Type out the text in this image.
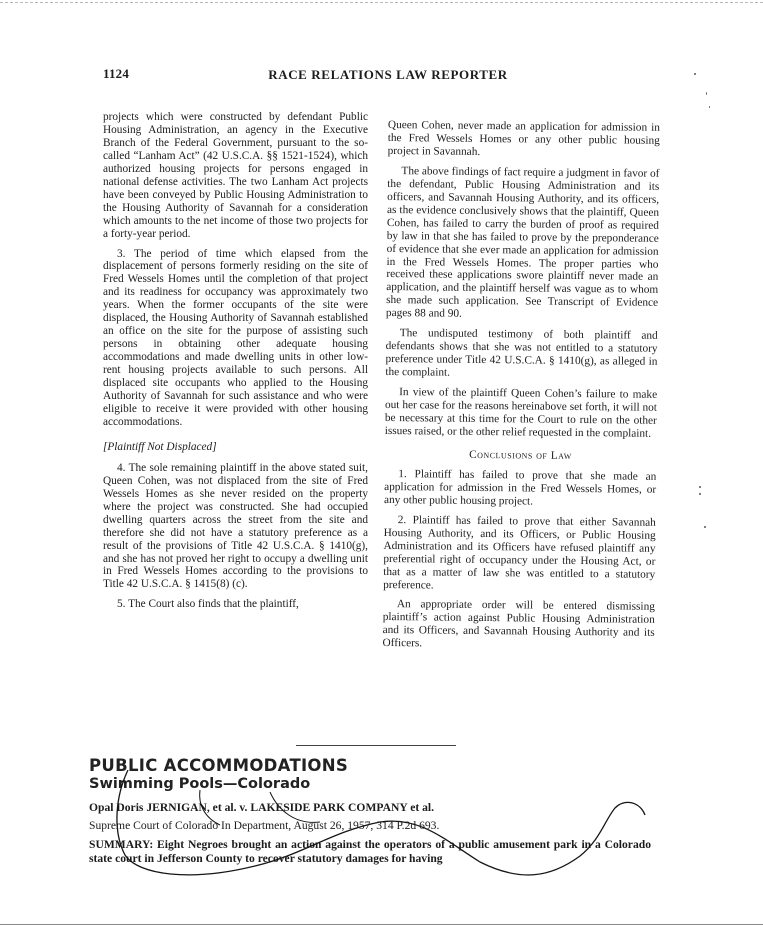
1124	RACE RELATIONS LAW REPORTER

projects which were constructed by defendant Public Housing Administration, an agency in the Executive Branch of the Federal Government, pursuant to the so-called “Lanham Act” (42 U.S.C.A. §§ 1521-1524), which authorized housing projects for persons engaged in national defense activities. The two Lanham Act projects have been conveyed by Public Housing Administration to the Housing Authority of Savannah for a consideration which amounts to the net income of those two projects for a forty-year period.

3. The period of time which elapsed from the displacement of persons formerly residing on the site of Fred Wessels Homes until the completion of that project and its readiness for occupancy was approximately two years. When the former occupants of the site were displaced, the Housing Authority of Savannah established an office on the site for the purpose of assisting such persons in obtaining other adequate housing accommodations and made dwelling units in other low-rent housing projects available to such persons. All displaced site occupants who applied to the Housing Authority of Savannah for such assistance and who were eligible to receive it were provided with other housing accommodations.

[Plaintiff Not Displaced]

4. The sole remaining plaintiff in the above stated suit, Queen Cohen, was not displaced from the site of Fred Wessels Homes as she never resided on the property where the project was constructed. She had occupied dwelling quarters across the street from the site and therefore she did not have a statutory preference as a result of the provisions of Title 42 U.S.C.A. § 1410(g), and she has not proved her right to occupy a dwelling unit in Fred Wessels Homes according to the provisions to Title 42 U.S.C.A. § 1415(8) (c).

5. The Court also finds that the plaintiff,

Queen Cohen, never made an application for admission in the Fred Wessels Homes or any other public housing project in Savannah.

The above findings of fact require a judgment in favor of the defendant, Public Housing Administration and its officers, and Savannah Housing Authority, and its officers, as the evidence conclusively shows that the plaintiff, Queen Cohen, has failed to carry the burden of proof as required by law in that she has failed to prove by the preponderance of evidence that she ever made an application for admission in the Fred Wessels Homes. The proper parties who received these applications swore plaintiff never made an application, and the plaintiff herself was vague as to whom she made such application. See Transcript of Evidence pages 88 and 90.

The undisputed testimony of both plaintiff and defendants shows that she was not entitled to a statutory preference under Title 42 U.S.C.A. § 1410(g), as alleged in the complaint.

In view of the plaintiff Queen Cohen’s failure to make out her case for the reasons hereinabove set forth, it will not be necessary at this time for the Court to rule on the other issues raised, or the other relief requested in the complaint.

Conclusions of Law

1. Plaintiff has failed to prove that she made an application for admission in the Fred Wessels Homes, or any other public housing project.

2. Plaintiff has failed to prove that either Savannah Housing Authority, and its Officers, or Public Housing Administration and its Officers have refused plaintiff any preferential right of occupancy under the Housing Act, or that as a matter of law she was entitled to a statutory preference.

An appropriate order will be entered dismissing plaintiff’s action against Public Housing Administration and its Officers, and Savannah Housing Authority and its Officers.

PUBLIC ACCOMMODATIONS
Swimming Pools—Colorado
Opal Doris JERNIGAN, et al. v. LAKESIDE PARK COMPANY et al.
Supreme Court of Colorado In Department, August 26, 1957, 314 P.2d 693.
SUMMARY: Eight Negroes brought an action against the operators of a public amusement park in a Colorado state court in Jefferson County to recover statutory damages for having
